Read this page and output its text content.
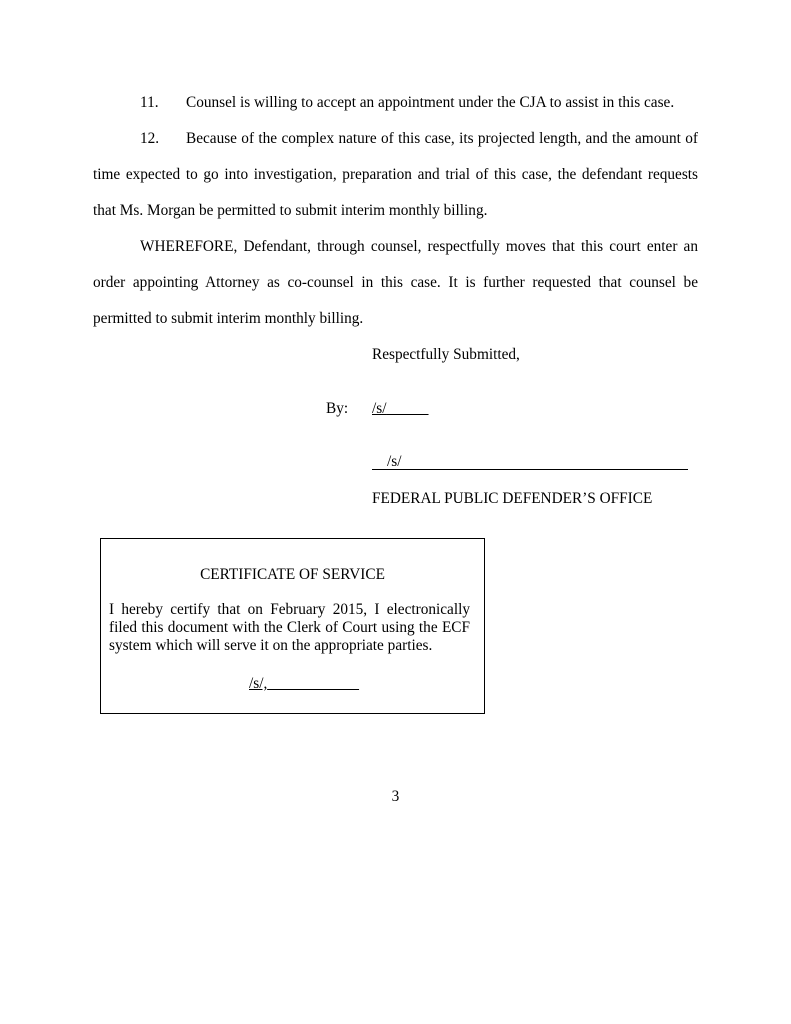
11. Counsel is willing to accept an appointment under the CJA to assist in this case.
12. Because of the complex nature of this case, its projected length, and the amount of
time expected to go into investigation, preparation and trial of this case, the defendant requests
that Ms. Morgan be permitted to submit interim monthly billing.
WHEREFORE, Defendant, through counsel, respectfully moves that this court enter an
order appointing Attorney as co-counsel in this case. It is further requested that counsel be
permitted to submit interim monthly billing.
Respectfully Submitted,
By: /s/
/s/
FEDERAL PUBLIC DEFENDER’S OFFICE
CERTIFICATE OF SERVICE
I hereby certify that on February 2015, I electronically filed this document with the Clerk of Court using the ECF system which will serve it on the appropriate parties.
/s/,
3
